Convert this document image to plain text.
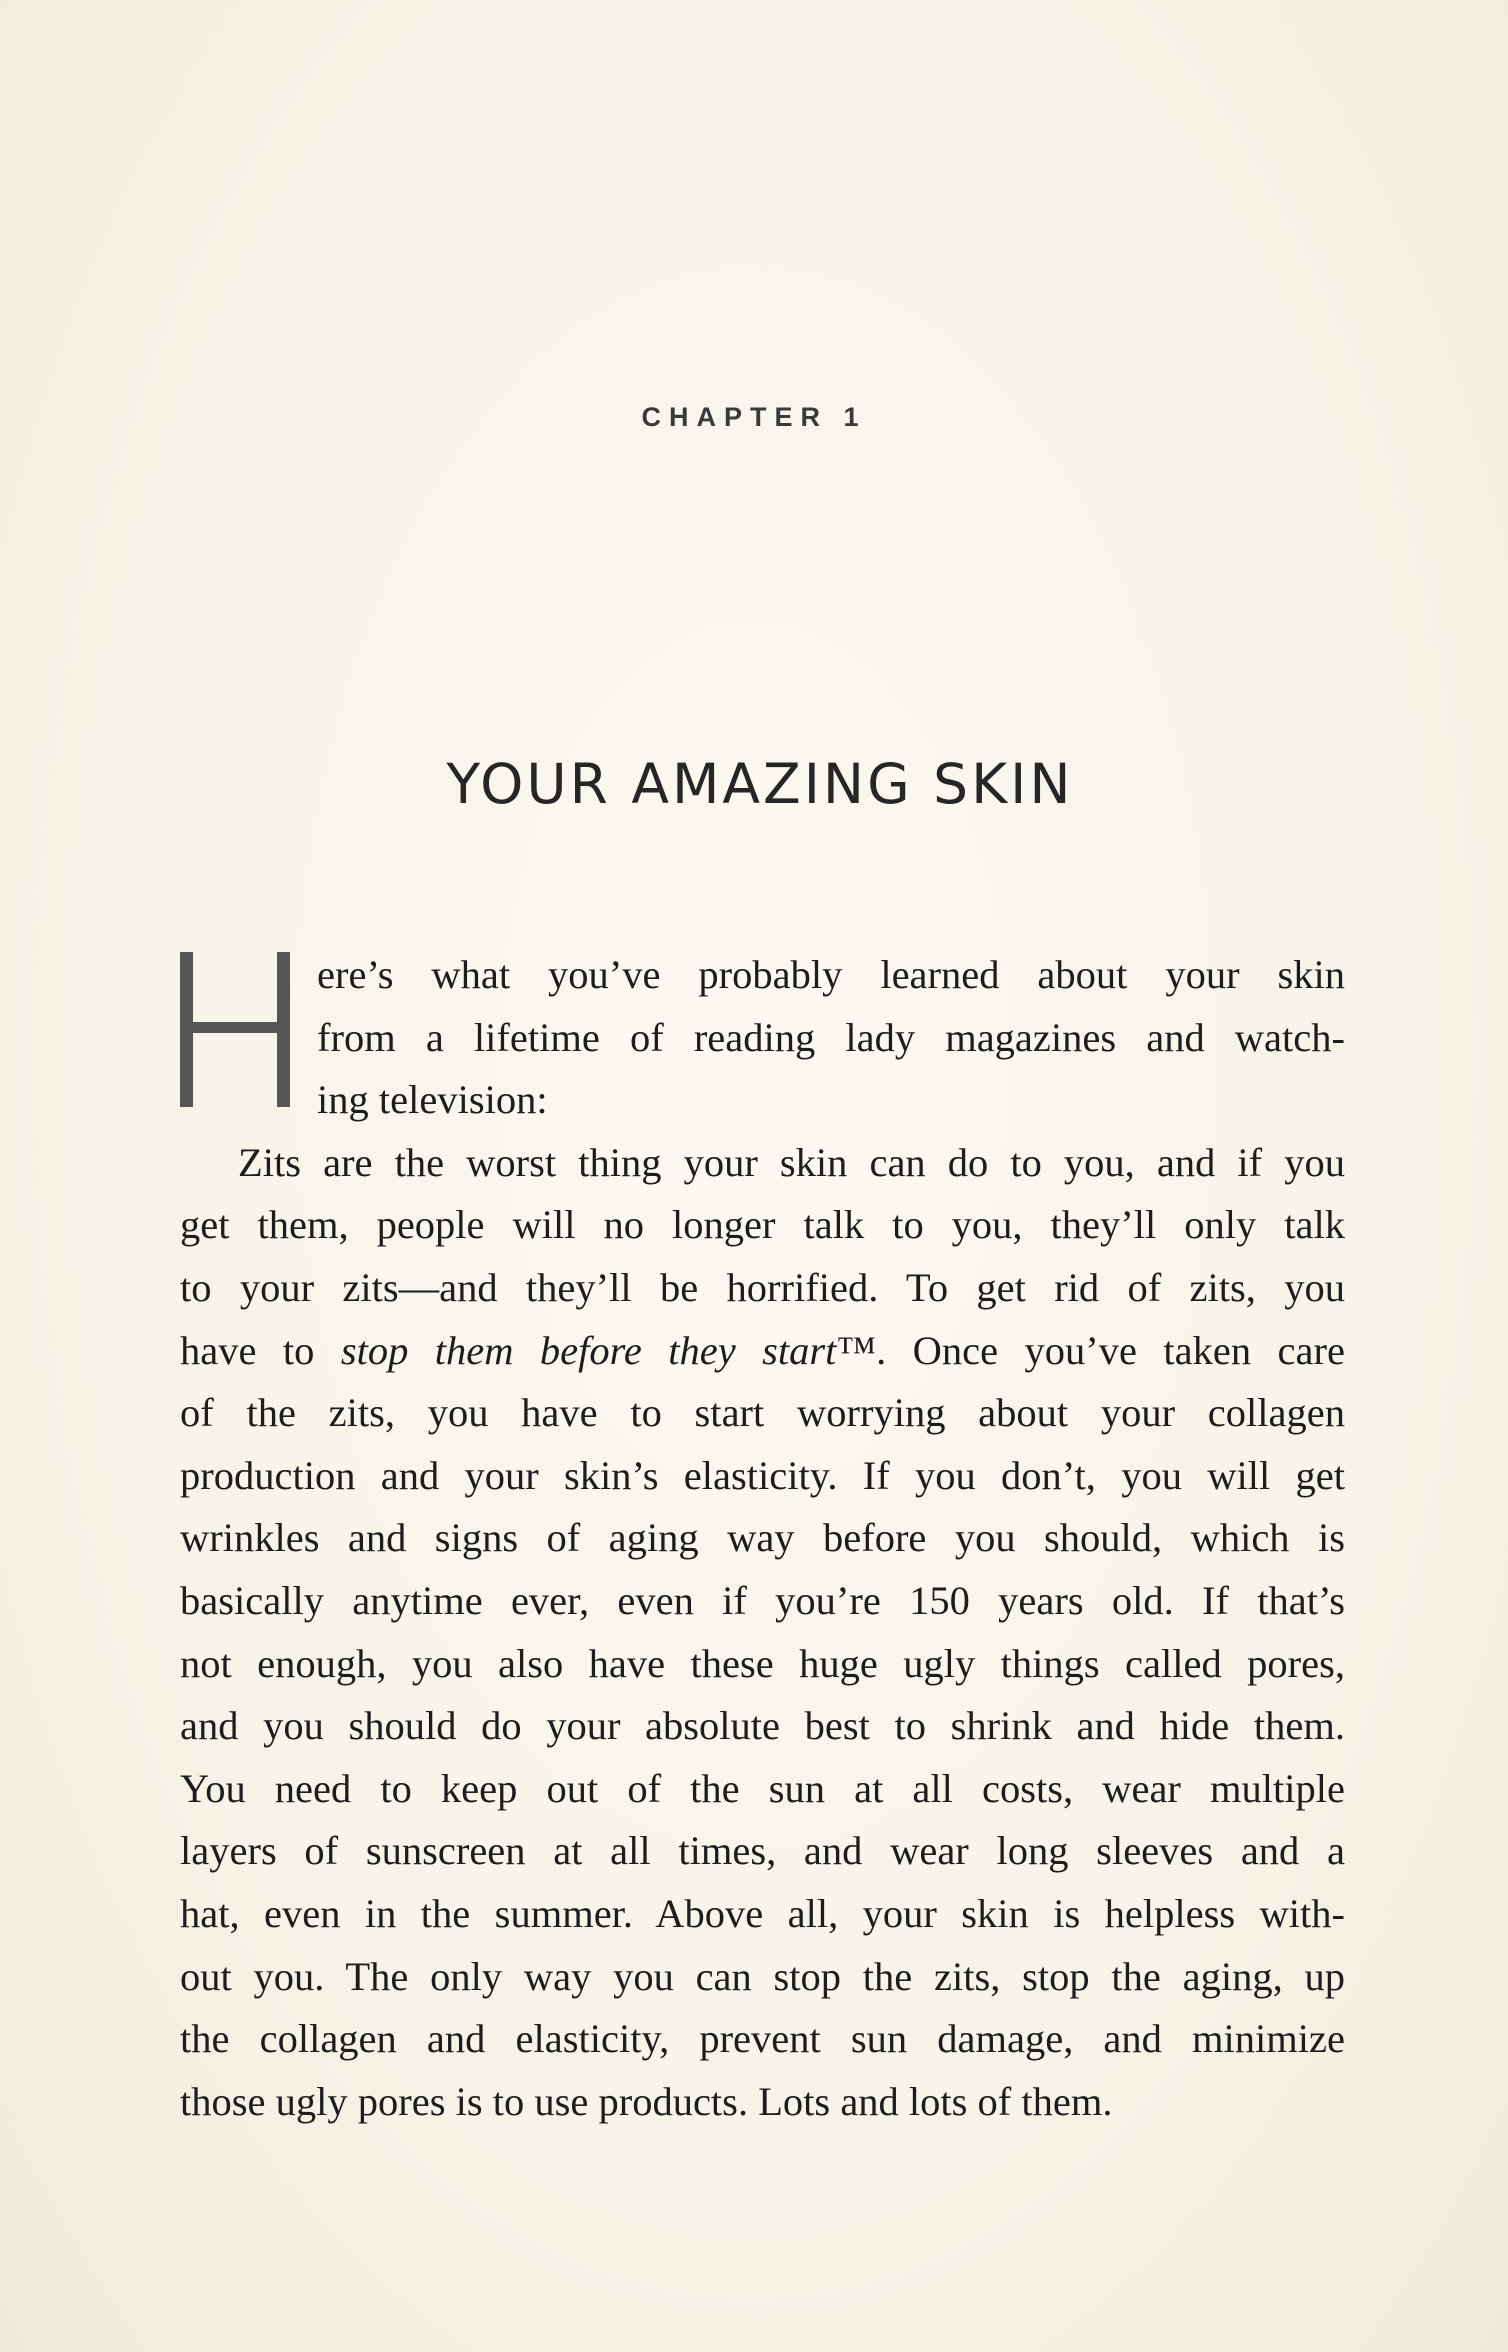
CHAPTER 1
YOUR AMAZING SKIN
ere’s what you’ve probably learned about your skin
from a lifetime of reading lady magazines and watch-
ing television:
Zits are the worst thing your skin can do to you, and if you
get them, people will no longer talk to you, they’ll only talk
to your zits—and they’ll be horrified. To get rid of zits, you
have to stop them before they start™. Once you’ve taken care
of the zits, you have to start worrying about your collagen
production and your skin’s elasticity. If you don’t, you will get
wrinkles and signs of aging way before you should, which is
basically anytime ever, even if you’re 150 years old. If that’s
not enough, you also have these huge ugly things called pores,
and you should do your absolute best to shrink and hide them.
You need to keep out of the sun at all costs, wear multiple
layers of sunscreen at all times, and wear long sleeves and a
hat, even in the summer. Above all, your skin is helpless with-
out you. The only way you can stop the zits, stop the aging, up
the collagen and elasticity, prevent sun damage, and minimize
those ugly pores is to use products. Lots and lots of them.
